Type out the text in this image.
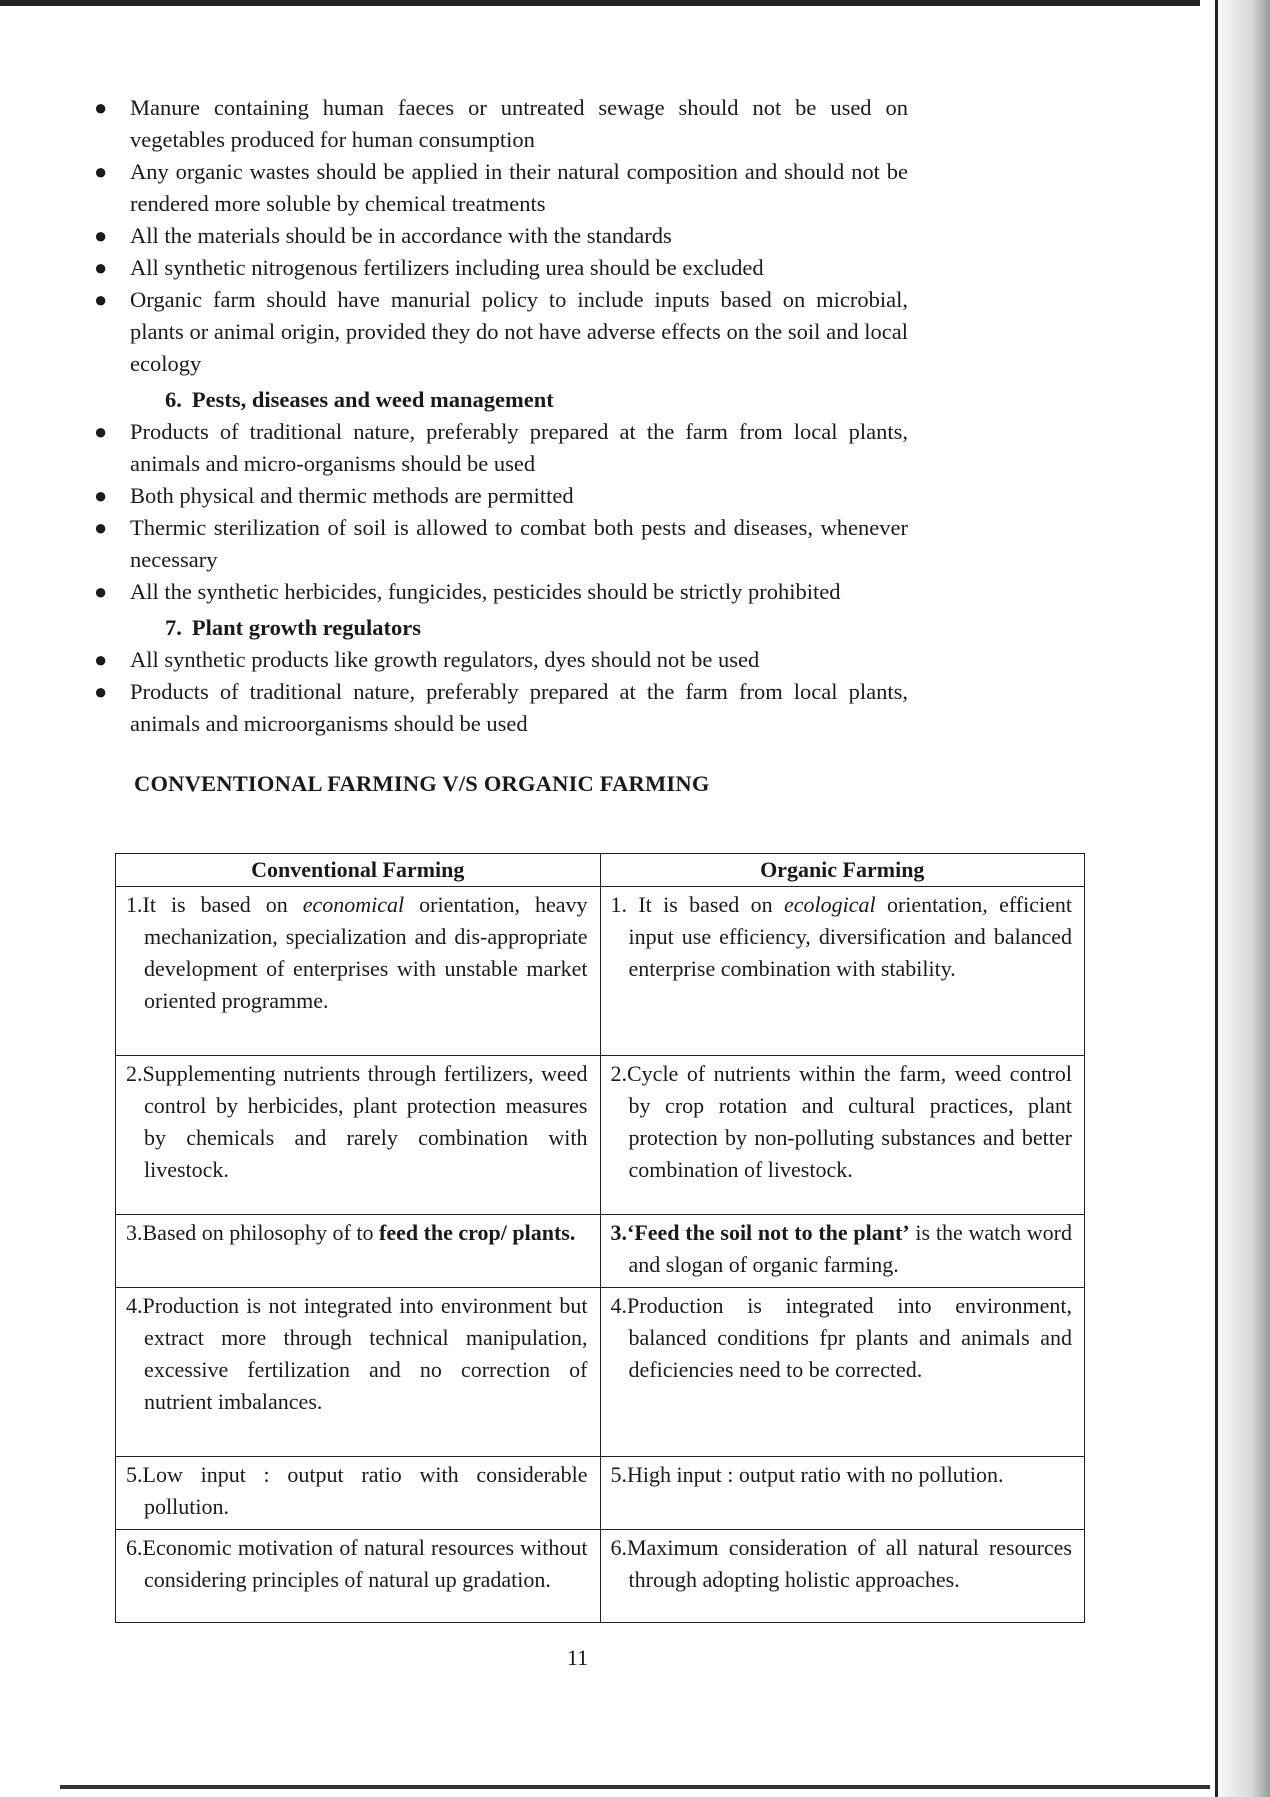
● Manure containing human faeces or untreated sewage should not be used on vegetables produced for human consumption
● Any organic wastes should be applied in their natural composition and should not be rendered more soluble by chemical treatments
● All the materials should be in accordance with the standards
● All synthetic nitrogenous fertilizers including urea should be excluded
● Organic farm should have manurial policy to include inputs based on microbial, plants or animal origin, provided they do not have adverse effects on the soil and local ecology
6. Pests, diseases and weed management
● Products of traditional nature, preferably prepared at the farm from local plants, animals and micro-organisms should be used
● Both physical and thermic methods are permitted
● Thermic sterilization of soil is allowed to combat both pests and diseases, whenever necessary
● All the synthetic herbicides, fungicides, pesticides should be strictly prohibited
7. Plant growth regulators
● All synthetic products like growth regulators, dyes should not be used
● Products of traditional nature, preferably prepared at the farm from local plants, animals and microorganisms should be used
CONVENTIONAL FARMING V/S ORGANIC FARMING
Conventional Farming	Organic Farming

1.It is based on economical orientation, heavy mechanization, specialization and dis-appropriate development of enterprises with unstable market oriented programme.	1. It is based on ecological orientation, efficient input use efficiency, diversification and balanced enterprise combination with stability.

2.Supplementing nutrients through fertilizers, weed control by herbicides, plant protection measures by chemicals and rarely combination with livestock.	2.Cycle of nutrients within the farm, weed control by crop rotation and cultural practices, plant protection by non-polluting substances and better combination of livestock.

3.Based on philosophy of to feed the crop/ plants.	3.‘Feed the soil not to the plant’ is the watch word and slogan of organic farming.

4.Production is not integrated into environment but extract more through technical manipulation, excessive fertilization and no correction of nutrient imbalances.	4.Production is integrated into environment, balanced conditions fpr plants and animals and deficiencies need to be corrected.

5.Low input : output ratio with considerable pollution.	5.High input : output ratio with no pollution.

6.Economic motivation of natural resources without considering principles of natural up gradation.	6.Maximum consideration of all natural resources through adopting holistic approaches.
11
